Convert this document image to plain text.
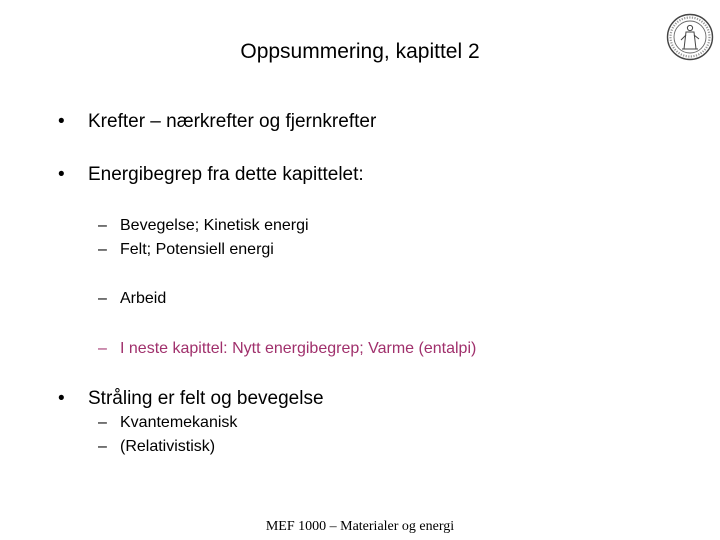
Oppsummering, kapittel 2
• Krefter – nærkrefter og fjernkrefter
• Energibegrep fra dette kapittelet:
– Bevegelse; Kinetisk energi
– Felt; Potensiell energi
– Arbeid
– I neste kapittel: Nytt energibegrep; Varme (entalpi)
• Stråling er felt og bevegelse
– Kvantemekanisk
– (Relativistisk)
MEF 1000 – Materialer og energi
